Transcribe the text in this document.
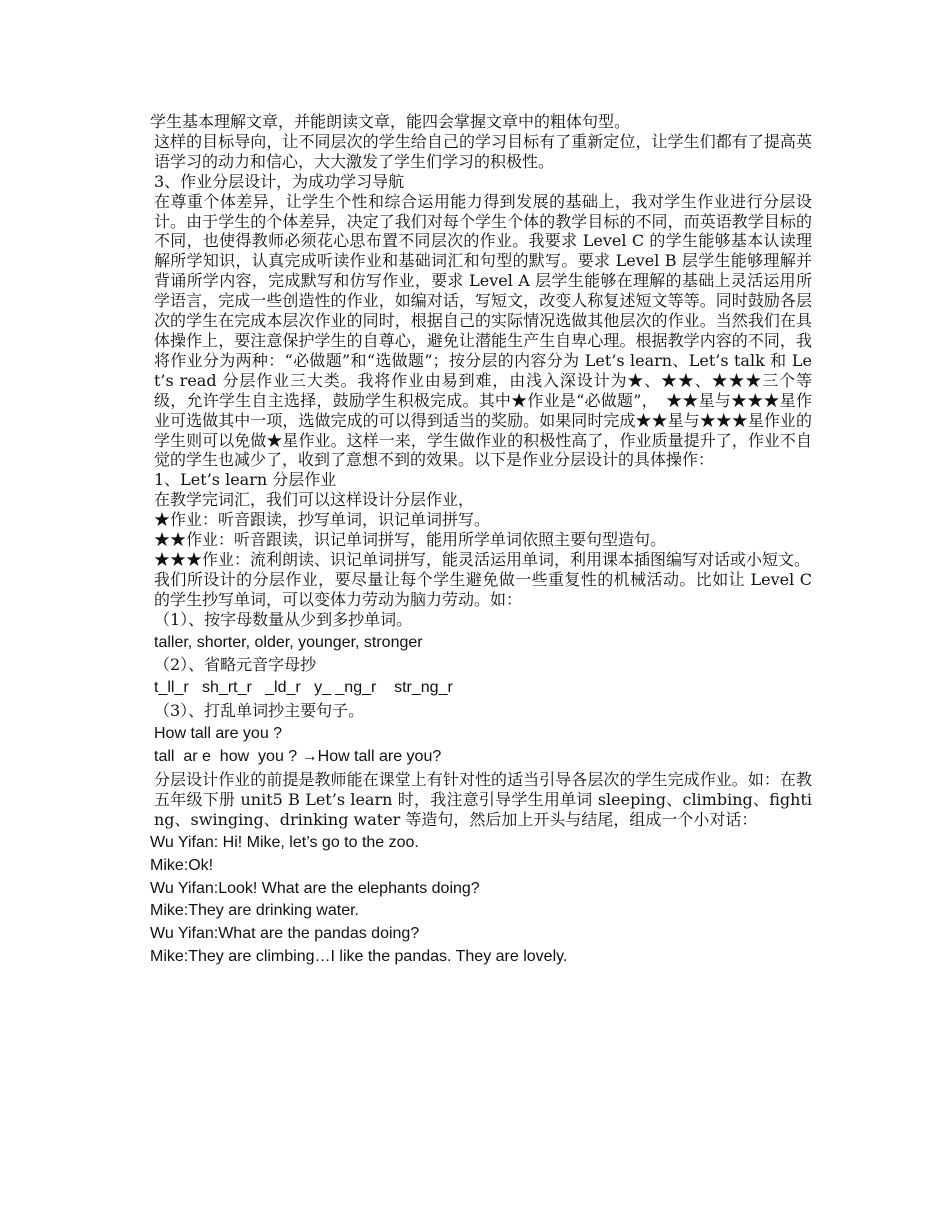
学生基本理解文章，并能朗读文章，能四会掌握文章中的粗体句型。

这样的目标导向，让不同层次的学生给自己的学习目标有了重新定位，让学生们都有了提高英语学习的动力和信心，大大激发了学生们学习的积极性。

3、作业分层设计，为成功学习导航

在尊重个体差异，让学生个性和综合运用能力得到发展的基础上，我对学生作业进行分层设计。由于学生的个体差异，决定了我们对每个学生个体的教学目标的不同，而英语教学目标的不同，也使得教师必须花心思布置不同层次的作业。我要求 Level C 的学生能够基本认读理解所学知识，认真完成听读作业和基础词汇和句型的默写。要求 Level B 层学生能够理解并背诵所学内容，完成默写和仿写作业，要求 Level A 层学生能够在理解的基础上灵活运用所学语言，完成一些创造性的作业，如编对话，写短文，改变人称复述短文等等。同时鼓励各层次的学生在完成本层次作业的同时，根据自己的实际情况选做其他层次的作业。当然我们在具体操作上，要注意保护学生的自尊心，避免让潜能生产生自卑心理。根据教学内容的不同，我将作业分为两种：“必做题”和“选做题”；按分层的内容分为 Let’s learn、Let’s talk 和 Let’s read 分层作业三大类。我将作业由易到难，由浅入深设计为★、★★、★★★三个等级，允许学生自主选择，鼓励学生积极完成。其中★作业是“必做题”，　★★星与★★★星作业可选做其中一项，选做完成的可以得到适当的奖励。如果同时完成★★星与★★★星作业的学生则可以免做★星作业。这样一来，学生做作业的积极性高了，作业质量提升了，作业不自觉的学生也减少了，收到了意想不到的效果。以下是作业分层设计的具体操作：

1、Let’s learn 分层作业

在教学完词汇，我们可以这样设计分层作业，

★作业：听音跟读，抄写单词，识记单词拼写。

★★作业：听音跟读，识记单词拼写，能用所学单词依照主要句型造句。

★★★作业：流利朗读、识记单词拼写，能灵活运用单词，利用课本插图编写对话或小短文。

我们所设计的分层作业，要尽量让每个学生避免做一些重复性的机械活动。比如让 Level C 的学生抄写单词，可以变体力劳动为脑力劳动。如：

（1）、按字母数量从少到多抄单词。

taller, shorter, older, younger, stronger

（2）、省略元音字母抄

t_ll_r   sh_rt_r   _ld_r   y_ _ng_r    str_ng_r

（3）、打乱单词抄主要句子。

How tall are you ?

tall  ar e  how  you ? →How tall are you?

分层设计作业的前提是教师能在课堂上有针对性的适当引导各层次的学生完成作业。如：在教五年级下册 unit5 B Let’s learn 时，我注意引导学生用单词 sleeping、climbing、fighting、swinging、drinking water 等造句，然后加上开头与结尾，组成一个小对话：

Wu Yifan: Hi! Mike, let’s go to the zoo.

Mike:Ok!

Wu Yifan:Look! What are the elephants doing?

Mike:They are drinking water.

Wu Yifan:What are the pandas doing?

Mike:They are climbing…I like the pandas. They are lovely.
